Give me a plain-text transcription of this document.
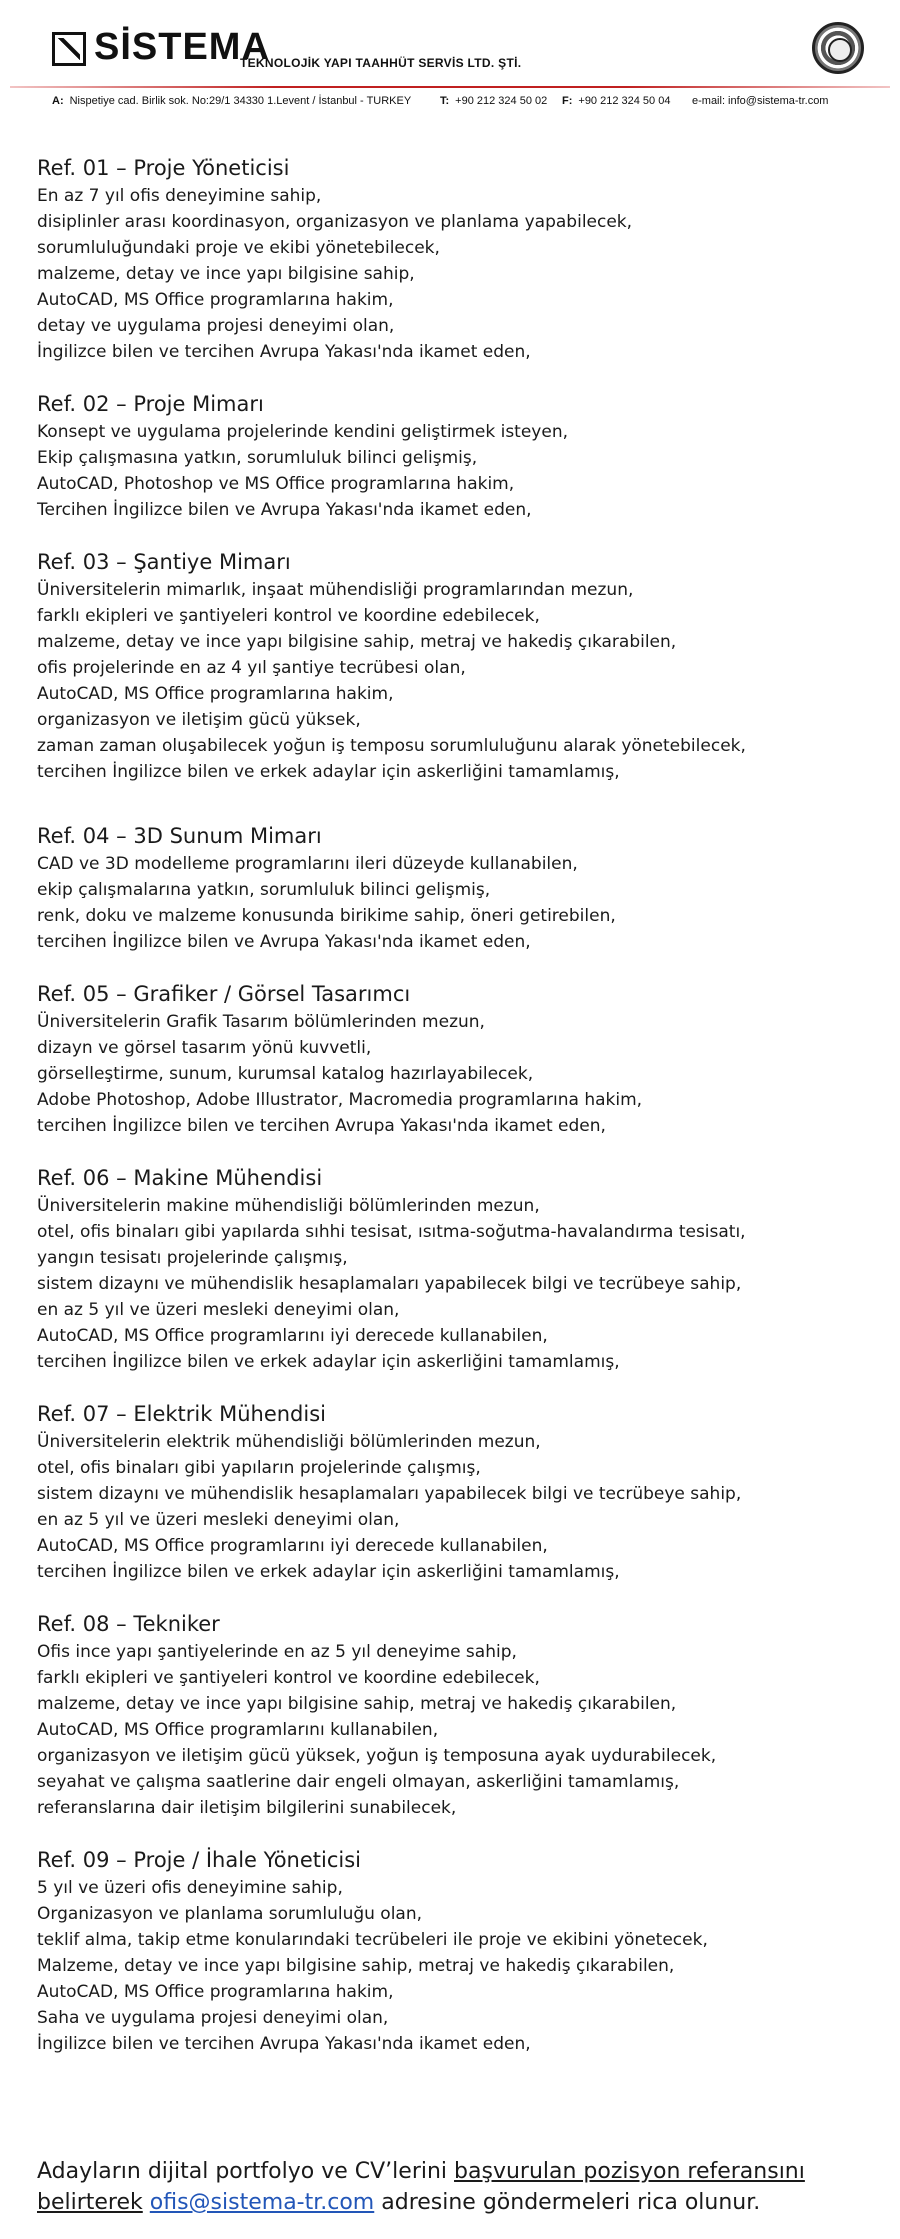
SİSTEMA
TEKNOLOJİK YAPI TAAHHÜT SERVİS LTD. ŞTİ.
A: Nispetiye cad. Birlik sok. No:29/1 34330 1.Levent / İstanbul - TURKEY	T: +90 212 324 50 02 F: +90 212 324 50 04 e-mail: info@sistema-tr.com
Ref. 01 – Proje Yöneticisi
En az 7 yıl ofis deneyimine sahip,
disiplinler arası koordinasyon, organizasyon ve planlama yapabilecek,
sorumluluğundaki proje ve ekibi yönetebilecek,
malzeme, detay ve ince yapı bilgisine sahip,
AutoCAD, MS Office programlarına hakim,
detay ve uygulama projesi deneyimi olan,
İngilizce bilen ve tercihen Avrupa Yakası'nda ikamet eden,
Ref. 02 – Proje Mimarı
Konsept ve uygulama projelerinde kendini geliştirmek isteyen,
Ekip çalışmasına yatkın, sorumluluk bilinci gelişmiş,
AutoCAD, Photoshop ve MS Office programlarına hakim,
Tercihen İngilizce bilen ve Avrupa Yakası'nda ikamet eden,
Ref. 03 – Şantiye Mimarı
Üniversitelerin mimarlık, inşaat mühendisliği programlarından mezun,
farklı ekipleri ve şantiyeleri kontrol ve koordine edebilecek,
malzeme, detay ve ince yapı bilgisine sahip, metraj ve hakediş çıkarabilen,
ofis projelerinde en az 4 yıl şantiye tecrübesi olan,
AutoCAD, MS Office programlarına hakim,
organizasyon ve iletişim gücü yüksek,
zaman zaman oluşabilecek yoğun iş temposu sorumluluğunu alarak yönetebilecek,
tercihen İngilizce bilen ve erkek adaylar için askerliğini tamamlamış,
Ref. 04 – 3D Sunum Mimarı
CAD ve 3D modelleme programlarını ileri düzeyde kullanabilen,
ekip çalışmalarına yatkın, sorumluluk bilinci gelişmiş,
renk, doku ve malzeme konusunda birikime sahip, öneri getirebilen,
tercihen İngilizce bilen ve Avrupa Yakası'nda ikamet eden,
Ref. 05 – Grafiker / Görsel Tasarımcı
Üniversitelerin Grafik Tasarım bölümlerinden mezun,
dizayn ve görsel tasarım yönü kuvvetli,
görselleştirme, sunum, kurumsal katalog hazırlayabilecek,
Adobe Photoshop, Adobe Illustrator, Macromedia programlarına hakim,
tercihen İngilizce bilen ve tercihen Avrupa Yakası'nda ikamet eden,
Ref. 06 – Makine Mühendisi
Üniversitelerin makine mühendisliği bölümlerinden mezun,
otel, ofis binaları gibi yapılarda sıhhi tesisat, ısıtma-soğutma-havalandırma tesisatı,
yangın tesisatı projelerinde çalışmış,
sistem dizaynı ve mühendislik hesaplamaları yapabilecek bilgi ve tecrübeye sahip,
en az 5 yıl ve üzeri mesleki deneyimi olan,
AutoCAD, MS Office programlarını iyi derecede kullanabilen,
tercihen İngilizce bilen ve erkek adaylar için askerliğini tamamlamış,
Ref. 07 – Elektrik Mühendisi
Üniversitelerin elektrik mühendisliği bölümlerinden mezun,
otel, ofis binaları gibi yapıların projelerinde çalışmış,
sistem dizaynı ve mühendislik hesaplamaları yapabilecek bilgi ve tecrübeye sahip,
en az 5 yıl ve üzeri mesleki deneyimi olan,
AutoCAD, MS Office programlarını iyi derecede kullanabilen,
tercihen İngilizce bilen ve erkek adaylar için askerliğini tamamlamış,
Ref. 08 – Tekniker
Ofis ince yapı şantiyelerinde en az 5 yıl deneyime sahip,
farklı ekipleri ve şantiyeleri kontrol ve koordine edebilecek,
malzeme, detay ve ince yapı bilgisine sahip, metraj ve hakediş çıkarabilen,
AutoCAD, MS Office programlarını kullanabilen,
organizasyon ve iletişim gücü yüksek, yoğun iş temposuna ayak uydurabilecek,
seyahat ve çalışma saatlerine dair engeli olmayan, askerliğini tamamlamış,
referanslarına dair iletişim bilgilerini sunabilecek,
Ref. 09 – Proje / İhale Yöneticisi
5 yıl ve üzeri ofis deneyimine sahip,
Organizasyon ve planlama sorumluluğu olan,
teklif alma, takip etme konularındaki tecrübeleri ile proje ve ekibini yönetecek,
Malzeme, detay ve ince yapı bilgisine sahip, metraj ve hakediş çıkarabilen,
AutoCAD, MS Office programlarına hakim,
Saha ve uygulama projesi deneyimi olan,
İngilizce bilen ve tercihen Avrupa Yakası'nda ikamet eden,
Adayların dijital portfolyo ve CV’lerini başvurulan pozisyon referansını belirterek ofis@sistema-tr.com adresine göndermeleri rica olunur.
